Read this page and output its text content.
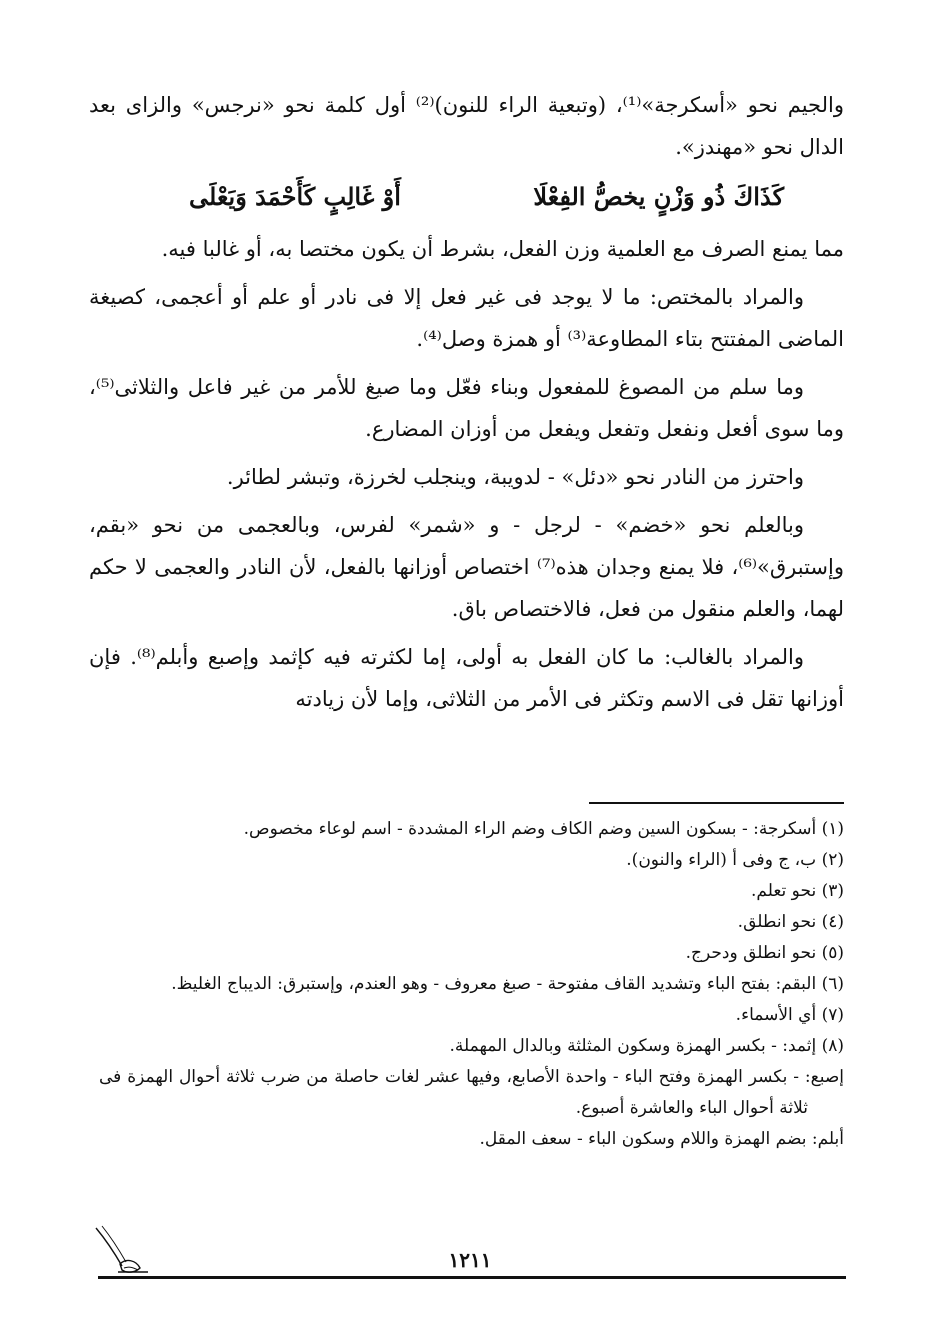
والجيم نحو «أسكرجة»⁽¹⁾، (وتبعية الراء للنون)⁽²⁾ أول كلمة نحو «نرجس» والزاى بعد الدال نحو «مهندز».

كَذَاكَ ذُو وَزْنٍ يخصُّ الفِعْلَا
أَوْ غَالِبٍ كَأَحْمَدَ وَيَعْلَى

مما يمنع الصرف مع العلمية وزن الفعل، بشرط أن يكون مختصا به، أو غالبا فيه.

والمراد بالمختص: ما لا يوجد فى غير فعل إلا فى نادر أو علم أو أعجمى، كصيغة الماضى المفتتح بتاء المطاوعة⁽³⁾ أو همزة وصل⁽⁴⁾.

وما سلم من المصوغ للمفعول وبناء فعّل وما صيغ للأمر من غير فاعل والثلاثى⁽⁵⁾، وما سوى أفعل ونفعل وتفعل ويفعل من أوزان المضارع.

واحترز من النادر نحو «دئل» - لدويبة، وينجلب لخرزة، وتبشر لطائر.

وبالعلم نحو «خضم» - لرجل - و «شمر» لفرس، وبالعجمى من نحو «بقم، وإستبرق»⁽⁶⁾، فلا يمنع وجدان هذه⁽⁷⁾ اختصاص أوزانها بالفعل، لأن النادر والعجمى لا حكم لهما، والعلم منقول من فعل، فالاختصاص باق.

والمراد بالغالب: ما كان الفعل به أولى، إما لكثرته فيه كإثمد وإصبع وأبلم⁽⁸⁾. فإن أوزانها تقل فى الاسم وتكثر فى الأمر من الثلاثى، وإما لأن زيادته

(١) أسكرجة: - بسكون السين وضم الكاف وضم الراء المشددة - اسم لوعاء مخصوص.

(٢) ب، ج وفى أ (الراء والنون).

(٣) نحو تعلم.

(٤) نحو انطلق.

(٥) نحو انطلق ودحرج.

(٦) البقم: بفتح الباء وتشديد القاف مفتوحة - صبغ معروف - وهو العندم، وإستبرق: الديباج الغليظ.

(٧) أي الأسماء.

(٨) إثمد: - بكسر الهمزة وسكون المثلثة وبالدال المهملة.

إصبع: - بكسر الهمزة وفتح الباء - واحدة الأصابع، وفيها عشر لغات حاصلة من ضرب ثلاثة أحوال الهمزة فى ثلاثة أحوال الباء والعاشرة أصبوع.

أبلم: بضم الهمزة واللام وسكون الباء - سعف المقل.

١٢١١
